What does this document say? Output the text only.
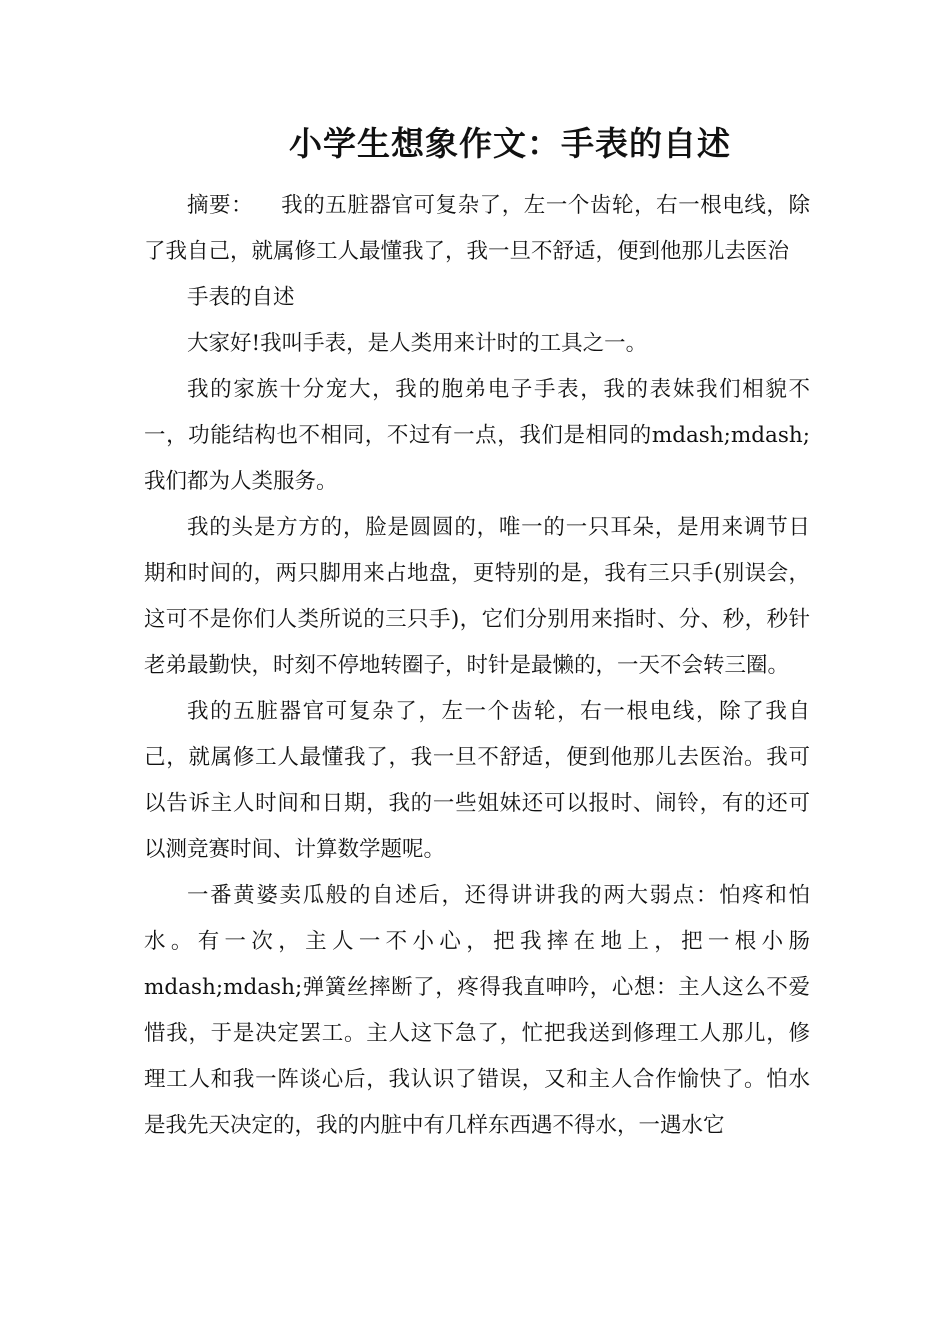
小学生想象作文：手表的自述

摘要： 我的五脏器官可复杂了，左一个齿轮，右一根电线，除了我自己，就属修工人最懂我了，我一旦不舒适，便到他那儿去医治

手表的自述

大家好!我叫手表，是人类用来计时的工具之一。

我的家族十分宠大，我的胞弟电子手表，我的表妹我们相貌不一，功能结构也不相同，不过有一点，我们是相同的mdash;mdash;我们都为人类服务。

我的头是方方的，脸是圆圆的，唯一的一只耳朵，是用来调节日期和时间的，两只脚用来占地盘，更特别的是，我有三只手(别误会，这可不是你们人类所说的三只手)，它们分别用来指时、分、秒，秒针老弟最勤快，时刻不停地转圈子，时针是最懒的，一天不会转三圈。

我的五脏器官可复杂了，左一个齿轮，右一根电线，除了我自己，就属修工人最懂我了，我一旦不舒适，便到他那儿去医治。我可以告诉主人时间和日期，我的一些姐妹还可以报时、闹铃，有的还可以测竞赛时间、计算数学题呢。

一番黄婆卖瓜般的自述后，还得讲讲我的两大弱点：怕疼和怕水。有一次，主人一不小心，把我摔在地上，把一根小肠mdash;mdash;弹簧丝摔断了，疼得我直呻吟，心想：主人这么不爱惜我，于是决定罢工。主人这下急了，忙把我送到修理工人那儿，修理工人和我一阵谈心后，我认识了错误，又和主人合作愉快了。怕水是我先天决定的，我的内脏中有几样东西遇不得水，一遇水它
